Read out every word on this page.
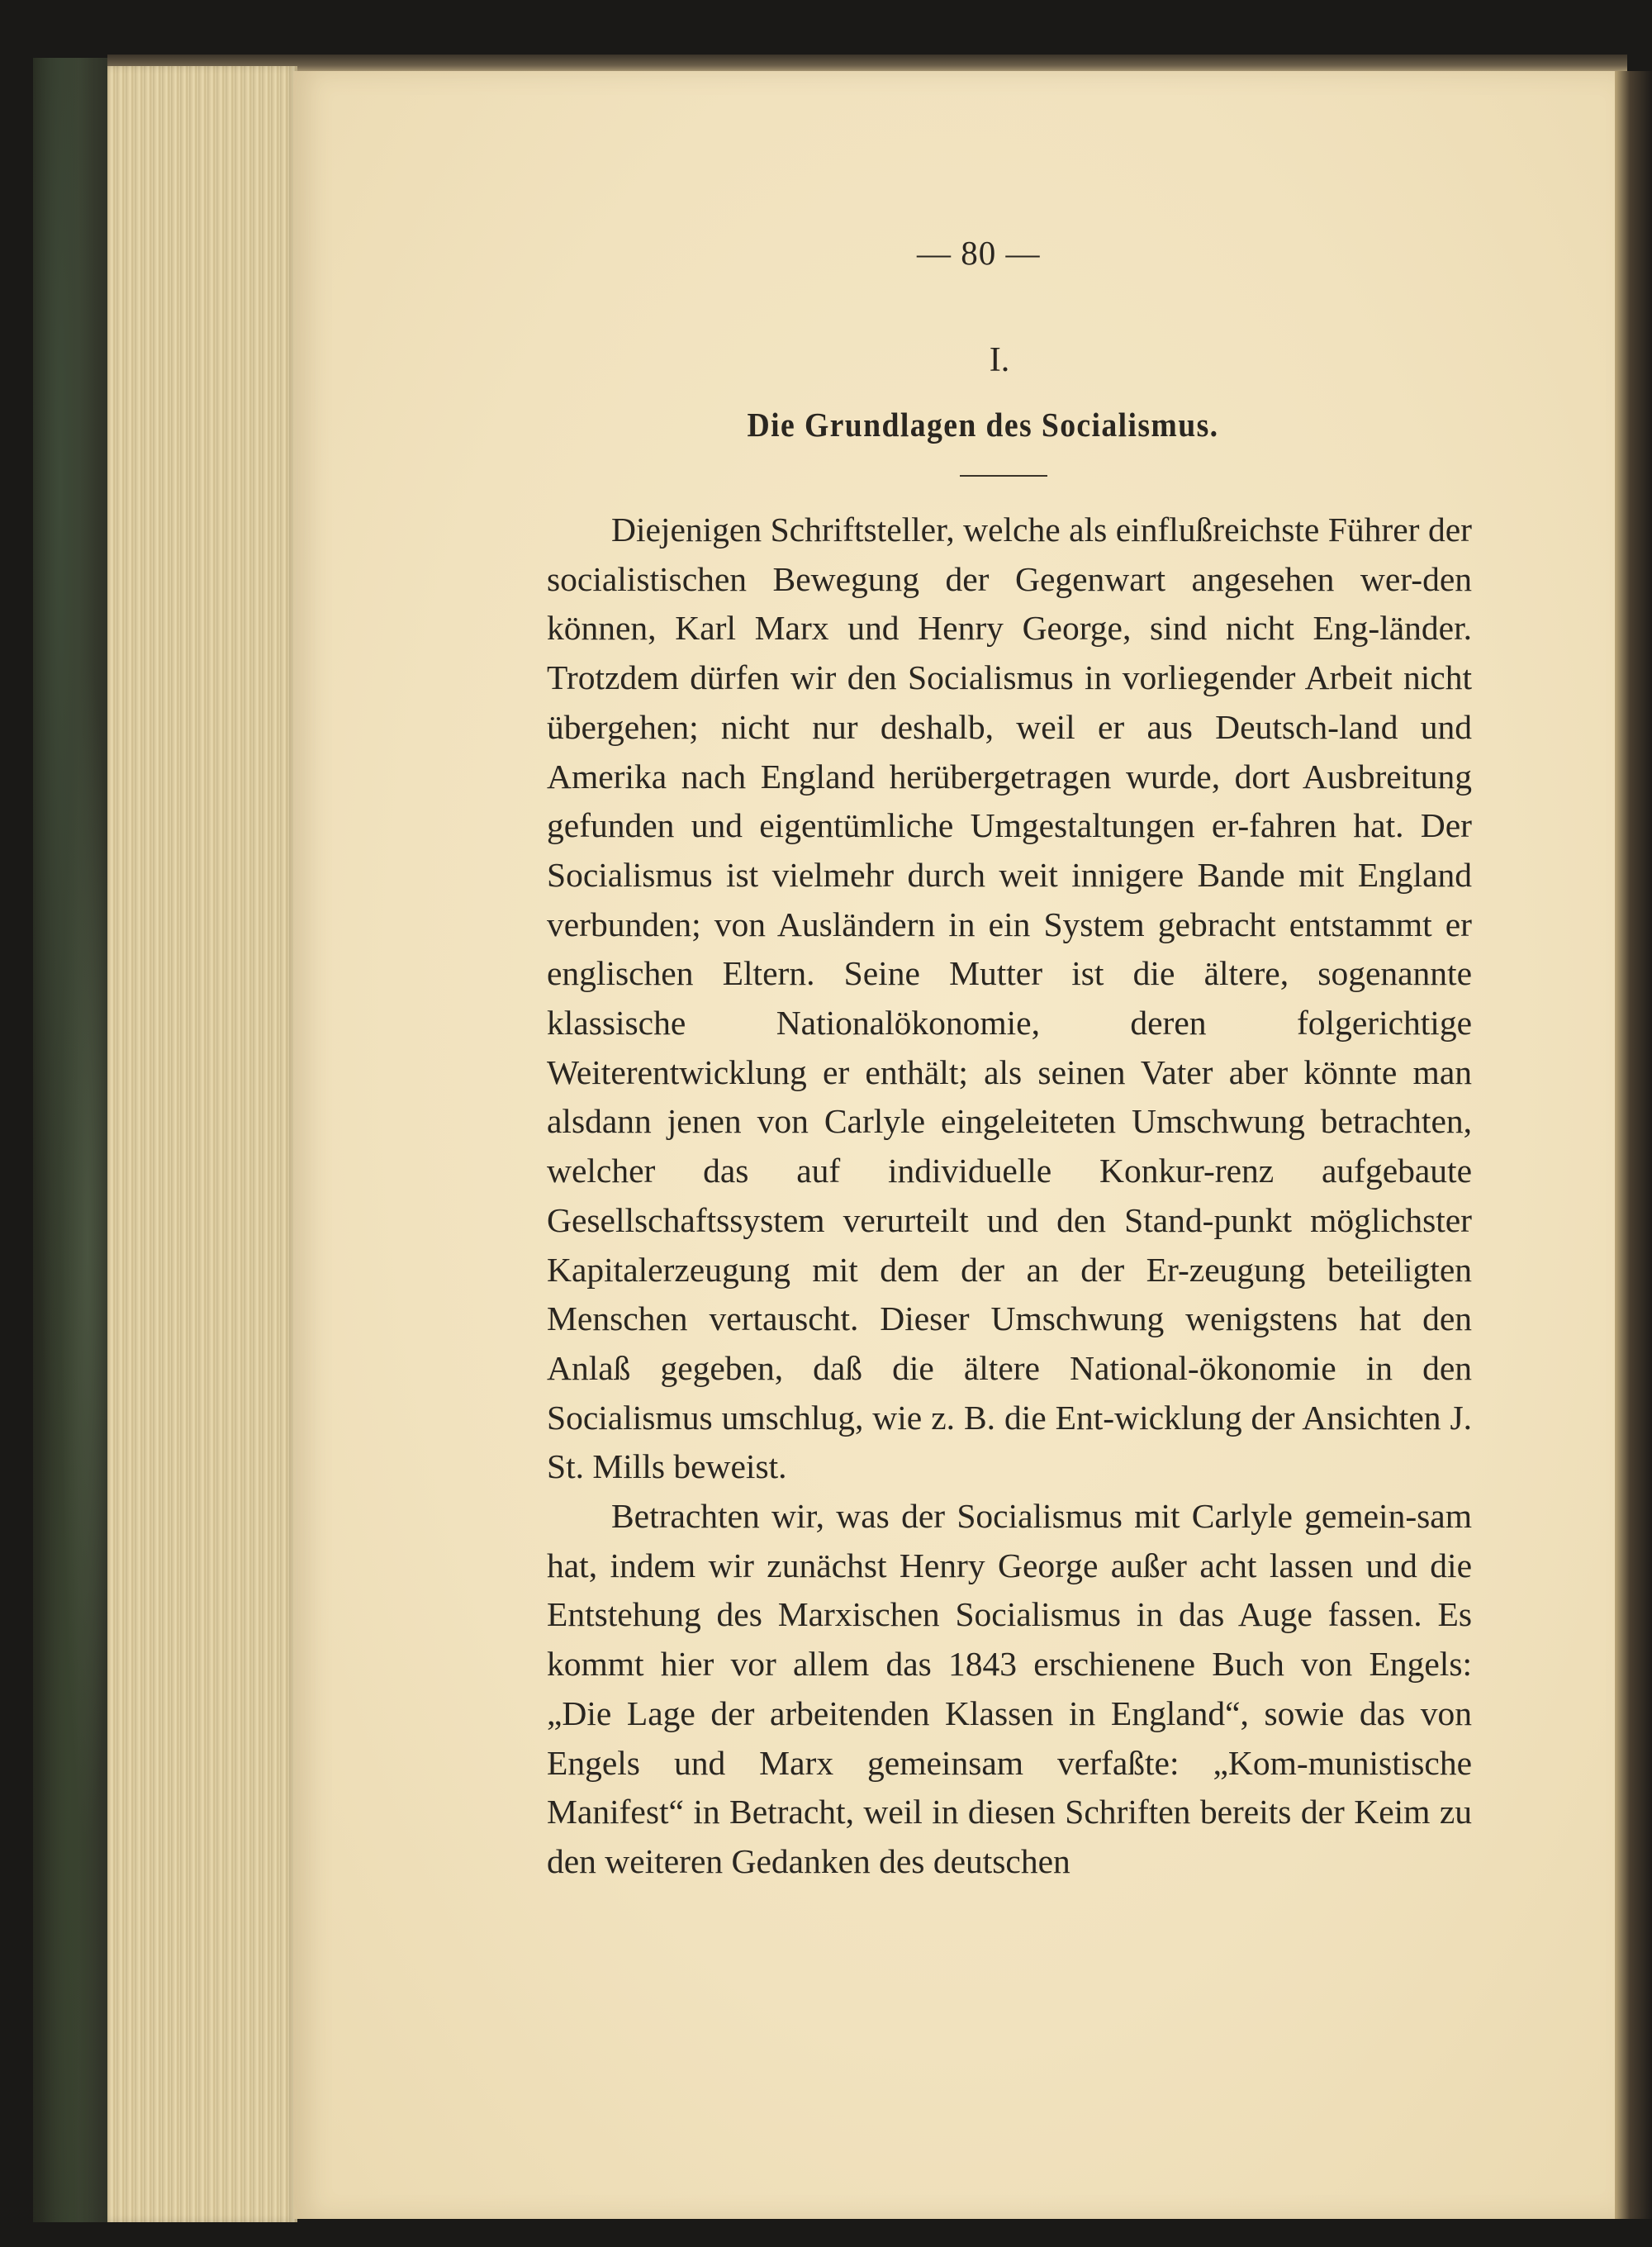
— 80 —
I.
Die Grundlagen des Socialismus.

Diejenigen Schriftsteller, welche als einflußreichste Führer der socialistischen Bewegung der Gegenwart angesehen wer-den können, Karl Marx und Henry George, sind nicht Eng-länder. Trotzdem dürfen wir den Socialismus in vorliegender Arbeit nicht übergehen; nicht nur deshalb, weil er aus Deutsch-land und Amerika nach England herübergetragen wurde, dort Ausbreitung gefunden und eigentümliche Umgestaltungen er-fahren hat. Der Socialismus ist vielmehr durch weit innigere Bande mit England verbunden; von Ausländern in ein System gebracht entstammt er englischen Eltern. Seine Mutter ist die ältere, sogenannte klassische Nationalökonomie, deren folgerichtige Weiterentwicklung er enthält; als seinen Vater aber könnte man alsdann jenen von Carlyle eingeleiteten Umschwung betrachten, welcher das auf individuelle Konkur-renz aufgebaute Gesellschaftssystem verurteilt und den Stand-punkt möglichster Kapitalerzeugung mit dem der an der Er-zeugung beteiligten Menschen vertauscht. Dieser Umschwung wenigstens hat den Anlaß gegeben, daß die ältere National-ökonomie in den Socialismus umschlug, wie z. B. die Ent-wicklung der Ansichten J. St. Mills beweist.

Betrachten wir, was der Socialismus mit Carlyle gemein-sam hat, indem wir zunächst Henry George außer acht lassen und die Entstehung des Marxischen Socialismus in das Auge fassen. Es kommt hier vor allem das 1843 erschienene Buch von Engels: „Die Lage der arbeitenden Klassen in England“, sowie das von Engels und Marx gemeinsam verfaßte: „Kom-munistische Manifest“ in Betracht, weil in diesen Schriften bereits der Keim zu den weiteren Gedanken des deutschen
